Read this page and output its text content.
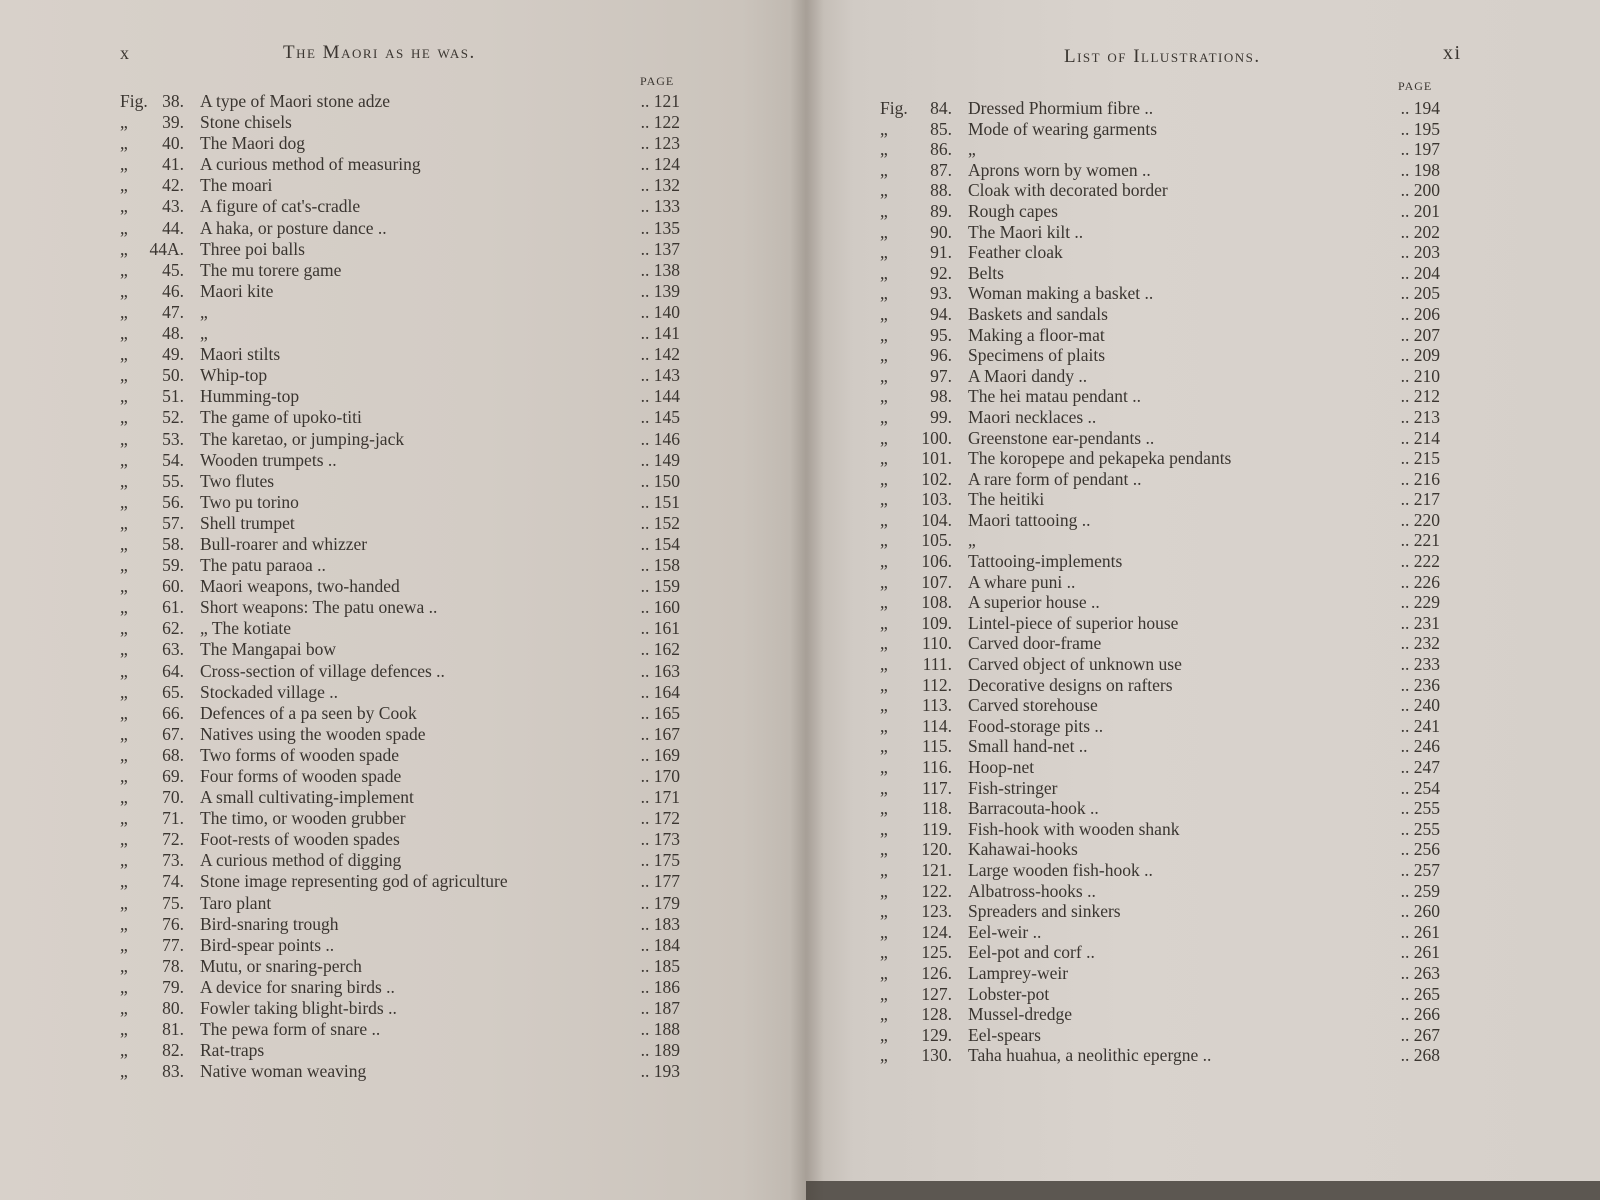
x	The Maori as he was.
PAGE
Fig. 38. A type of Maori stone adze	.. 121
„	39. Stone chisels	.. 122
„	40. The Maori dog	.. 123
„	41. A curious method of measuring	.. 124
„	42. The moari	.. 132
„	43. A figure of cat's-cradle	.. 133
„	44. A haka, or posture dance ..	.. 135
„	44A. Three poi balls	.. 137
„	45. The mu torere game	.. 138
„	46. Maori kite	.. 139
„	47. „	.. 140
„	48. „	.. 141
„	49. Maori stilts	.. 142
„	50. Whip-top	.. 143
„	51. Humming-top	.. 144
„	52. The game of upoko-titi	.. 145
„	53. The karetao, or jumping-jack	.. 146
„	54. Wooden trumpets ..	.. 149
„	55. Two flutes	.. 150
„	56. Two pu torino	.. 151
„	57. Shell trumpet	.. 152
„	58. Bull-roarer and whizzer	.. 154
„	59. The patu paraoa ..	.. 158
„	60. Maori weapons, two-handed	.. 159
„	61. Short weapons: The patu onewa ..	.. 160
„	62. „ The kotiate	.. 161
„	63. The Mangapai bow	.. 162
„	64. Cross-section of village defences ..	.. 163
„	65. Stockaded village ..	.. 164
„	66. Defences of a pa seen by Cook	.. 165
„	67. Natives using the wooden spade	.. 167
„	68. Two forms of wooden spade	.. 169
„	69. Four forms of wooden spade	.. 170
„	70. A small cultivating-implement	.. 171
„	71. The timo, or wooden grubber	.. 172
„	72. Foot-rests of wooden spades	.. 173
„	73. A curious method of digging	.. 175
„	74. Stone image representing god of agriculture	.. 177
„	75. Taro plant	.. 179
„	76. Bird-snaring trough	.. 183
„	77. Bird-spear points ..	.. 184
„	78. Mutu, or snaring-perch	.. 185
„	79. A device for snaring birds ..	.. 186
„	80. Fowler taking blight-birds ..	.. 187
„	81. The pewa form of snare ..	.. 188
„	82. Rat-traps	.. 189
„	83. Native woman weaving	.. 193
List of Illustrations.	xi
PAGE
Fig.	84. Dressed Phormium fibre ..	.. 194
„	85. Mode of wearing garments	.. 195
„	86. „	.. 197
„	87. Aprons worn by women ..	.. 198
„	88. Cloak with decorated border	.. 200
„	89. Rough capes	.. 201
„	90. The Maori kilt ..	.. 202
„	91. Feather cloak	.. 203
„	92. Belts	.. 204
„	93. Woman making a basket ..	.. 205
„	94. Baskets and sandals	.. 206
„	95. Making a floor-mat	.. 207
„	96. Specimens of plaits	.. 209
„	97. A Maori dandy ..	.. 210
„	98. The hei matau pendant ..	.. 212
„	99. Maori necklaces ..	.. 213
„	100. Greenstone ear-pendants ..	.. 214
„	101. The koropepe and pekapeka pendants	.. 215
„	102. A rare form of pendant ..	.. 216
„	103. The heitiki	.. 217
„	104. Maori tattooing ..	.. 220
„	105. „	.. 221
„	106. Tattooing-implements	.. 222
„	107. A whare puni ..	.. 226
„	108. A superior house ..	.. 229
„	109. Lintel-piece of superior house	.. 231
„	110. Carved door-frame	.. 232
„	111. Carved object of unknown use	.. 233
„	112. Decorative designs on rafters	.. 236
„	113. Carved storehouse	.. 240
„	114. Food-storage pits ..	.. 241
„	115. Small hand-net ..	.. 246
„	116. Hoop-net	.. 247
„	117. Fish-stringer	.. 254
„	118. Barracouta-hook ..	.. 255
„	119. Fish-hook with wooden shank	.. 255
„	120. Kahawai-hooks	.. 256
„	121. Large wooden fish-hook ..	.. 257
„	122. Albatross-hooks ..	.. 259
„	123. Spreaders and sinkers	.. 260
„	124. Eel-weir ..	.. 261
„	125. Eel-pot and corf ..	.. 261
„	126. Lamprey-weir	.. 263
„	127. Lobster-pot	.. 265
„	128. Mussel-dredge	.. 266
„	129. Eel-spears	.. 267
„	130. Taha huahua, a neolithic epergne ..	.. 268
